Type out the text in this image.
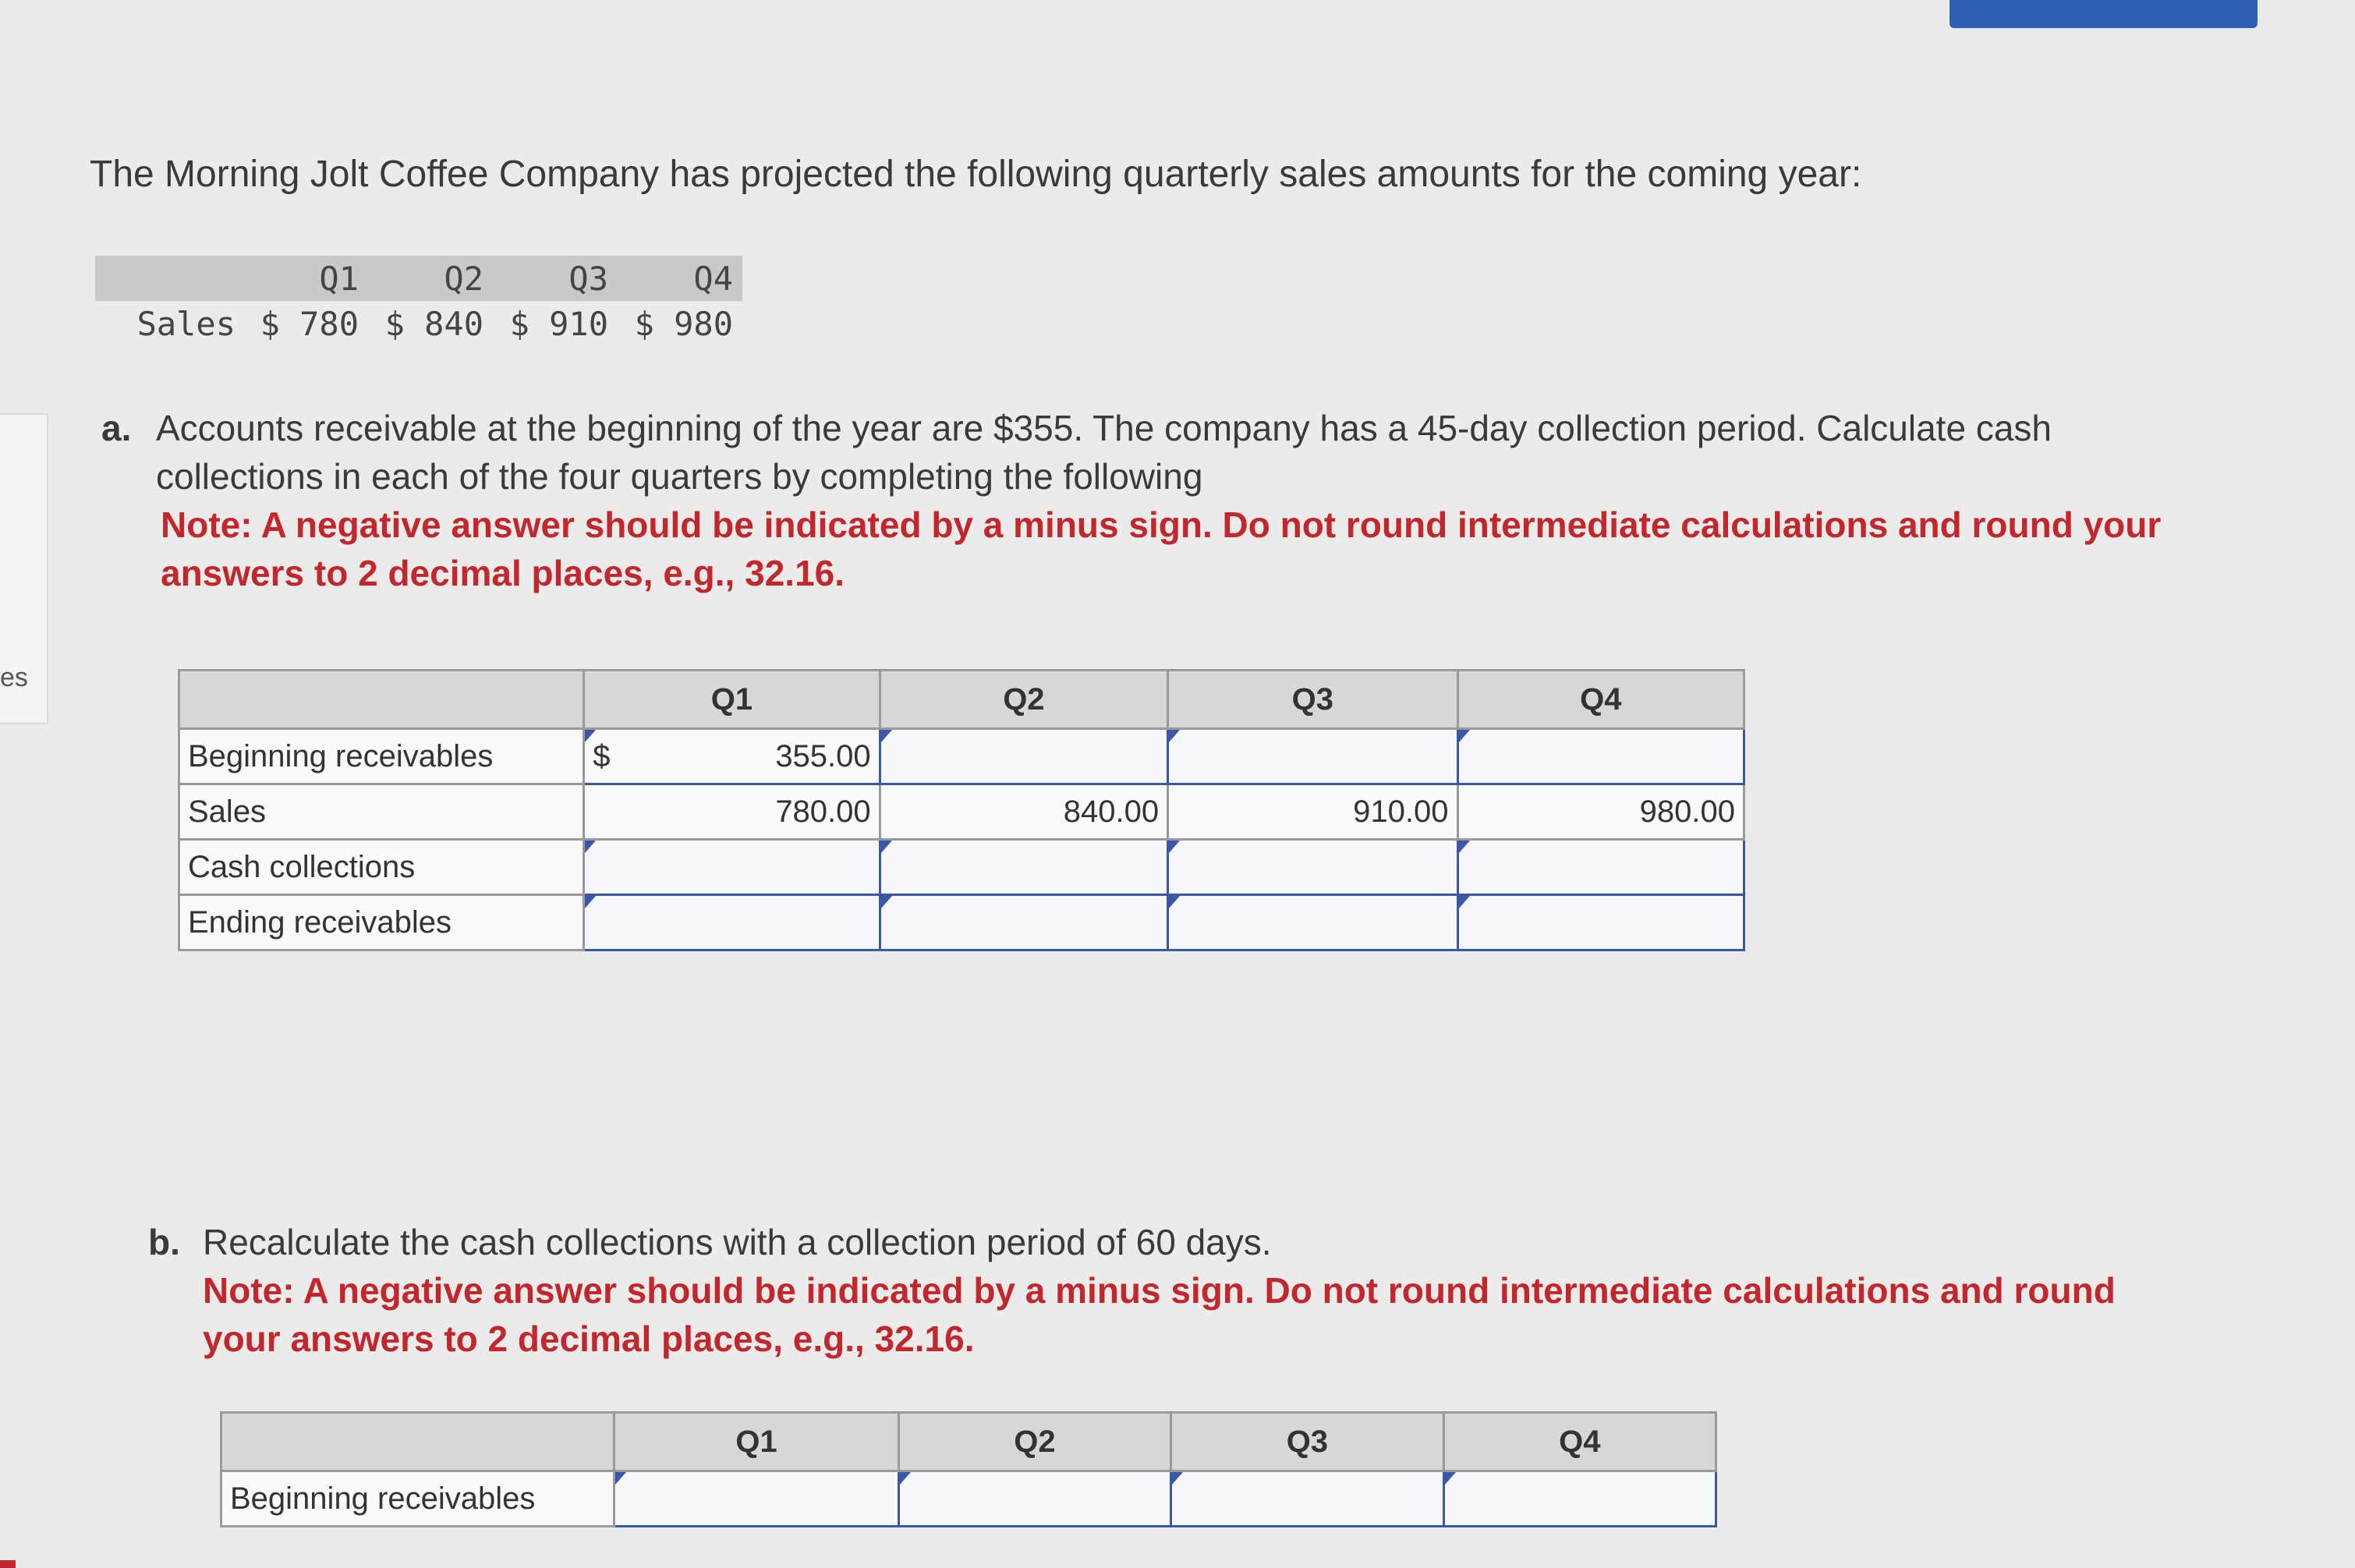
es
The Morning Jolt Coffee Company has projected the following quarterly sales amounts for the coming year:
Q1	Q2	Q3	Q4
Sales $ 780 $ 840 $ 910 $ 980
a. Accounts receivable at the beginning of the year are $355. The company has a 45-day collection period. Calculate cash collections in each of the four quarters by completing the following
Note: A negative answer should be indicated by a minus sign. Do not round intermediate calculations and round your answers to 2 decimal places, e.g., 32.16.
	Q1	Q2	Q3	Q4
Beginning receivables	$ 355.00	

Sales	780.00	840.00	910.00	980.00
Cash collections	

Ending receivables	

b. Recalculate the cash collections with a collection period of 60 days.
Note: A negative answer should be indicated by a minus sign. Do not round intermediate calculations and round your answers to 2 decimal places, e.g., 32.16.
	Q1	Q2	Q3	Q4
Beginning receivables	
